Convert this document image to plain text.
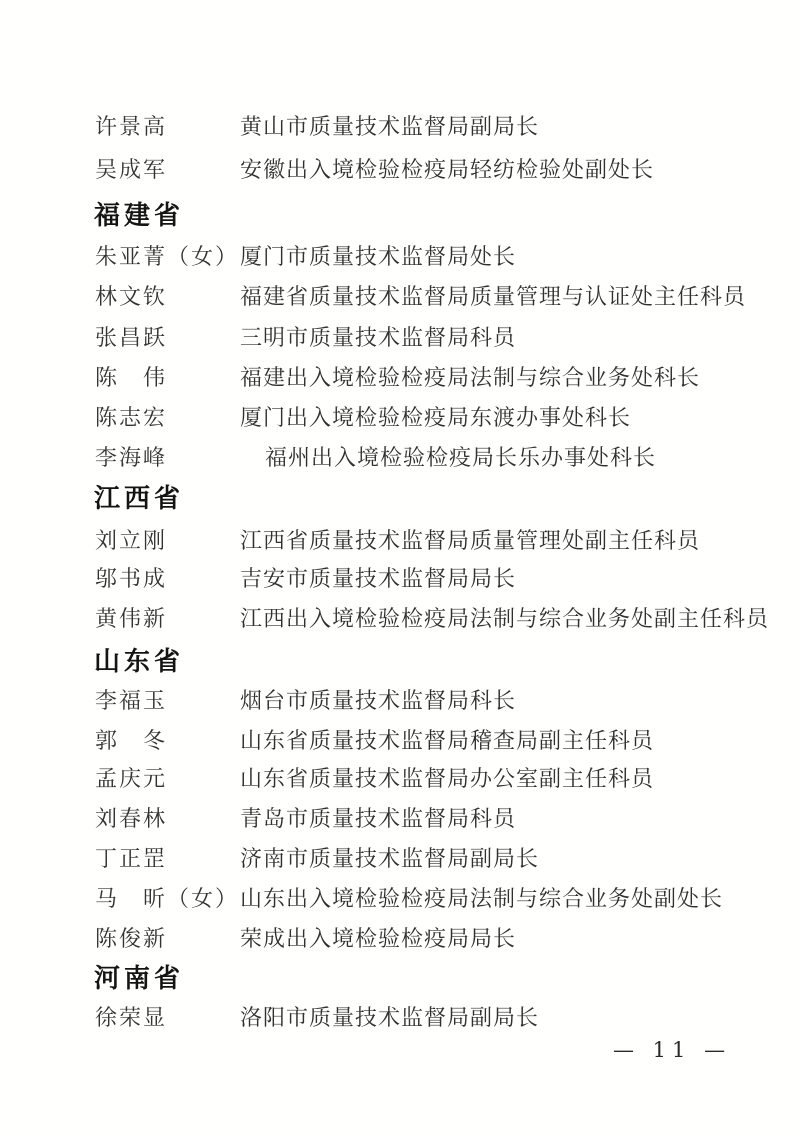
许景高	黄山市质量技术监督局副局长
吴成军	安徽出入境检验检疫局轻纺检验处副处长
福建省
朱亚菁（女） 厦门市质量技术监督局处长
林文钦	福建省质量技术监督局质量管理与认证处主任科员
张昌跃	三明市质量技术监督局科员
陈　伟	福建出入境检验检疫局法制与综合业务处科长
陈志宏	厦门出入境检验检疫局东渡办事处科长
李海峰	福州出入境检验检疫局长乐办事处科长
江西省
刘立刚	江西省质量技术监督局质量管理处副主任科员
邬书成	吉安市质量技术监督局局长
黄伟新	江西出入境检验检疫局法制与综合业务处副主任科员
山东省
李福玉	烟台市质量技术监督局科长
郭　冬	山东省质量技术监督局稽查局副主任科员
孟庆元	山东省质量技术监督局办公室副主任科员
刘春林	青岛市质量技术监督局科员
丁正罡	济南市质量技术监督局副局长
马　昕（女） 山东出入境检验检疫局法制与综合业务处副处长
陈俊新	荣成出入境检验检疫局局长
河南省
徐荣显	洛阳市质量技术监督局副局长
— 11 —
